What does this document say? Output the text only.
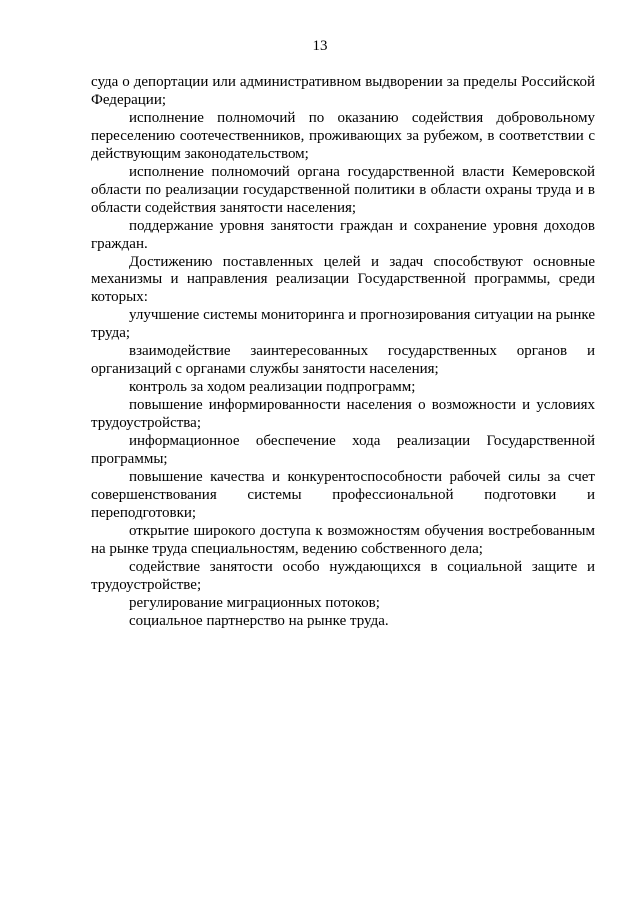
13

суда о депортации или административном выдворении за пределы Российской Федерации;

исполнение полномочий по оказанию содействия добровольному переселению соотечественников, проживающих за рубежом, в соответствии с действующим законодательством;

исполнение полномочий органа государственной власти Кемеровской области по реализации государственной политики в области охраны труда и в области содействия занятости населения;

поддержание уровня занятости граждан и сохранение уровня доходов граждан.

Достижению поставленных целей и задач способствуют основные механизмы и направления реализации Государственной программы, среди которых:

улучшение системы мониторинга и прогнозирования ситуации на рынке труда;

взаимодействие заинтересованных государственных органов и организаций с органами службы занятости населения;

контроль за ходом реализации подпрограмм;

повышение информированности населения о возможности и условиях трудоустройства;

информационное обеспечение хода реализации Государственной программы;

повышение качества и конкурентоспособности рабочей силы за счет совершенствования системы профессиональной подготовки и переподготовки;

открытие широкого доступа к возможностям обучения востребованным на рынке труда специальностям, ведению собственного дела;

содействие занятости особо нуждающихся в социальной защите и трудоустройстве;

регулирование миграционных потоков;

социальное партнерство на рынке труда.
